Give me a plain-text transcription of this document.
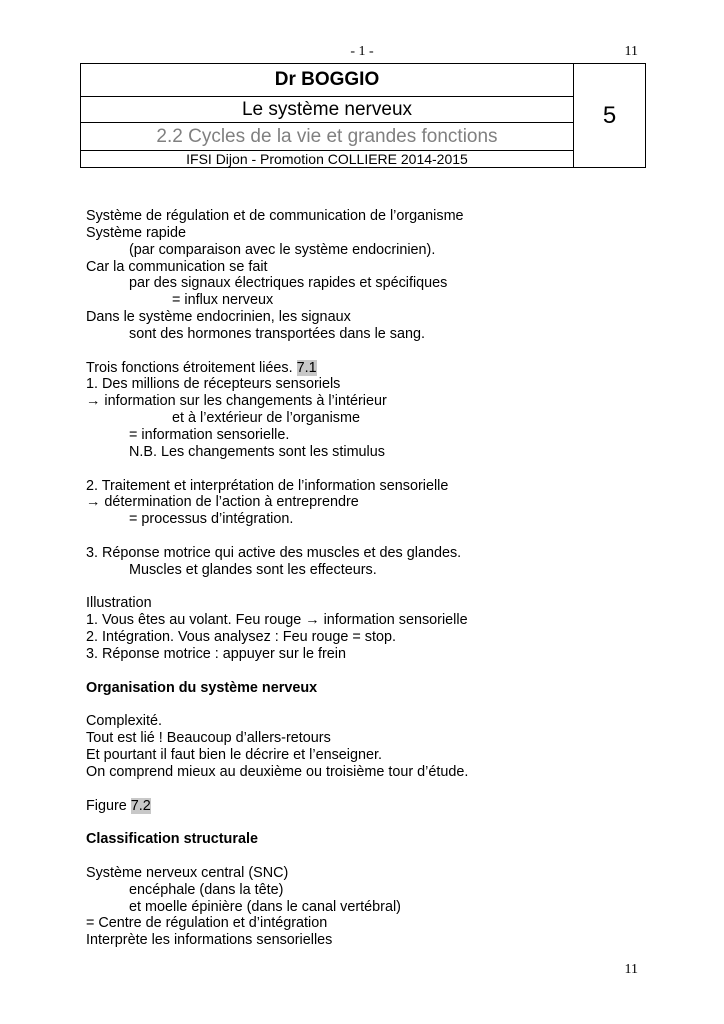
- 1 -	11
Dr BOGGIO	5
Le système nerveux
2.2 Cycles de la vie et grandes fonctions
IFSI Dijon - Promotion COLLIERE 2014-2015
Système de régulation et de communication de l’organisme
Système rapide
(par comparaison avec le système endocrinien).
Car la communication se fait
par des signaux électriques rapides et spécifiques
= influx nerveux
Dans le système endocrinien, les signaux
sont des hormones transportées dans le sang.
Trois fonctions étroitement liées. 7.1
1. Des millions de récepteurs sensoriels
→ information sur les changements à l’intérieur
et à l’extérieur de l’organisme
= information sensorielle.
N.B. Les changements sont les stimulus
2. Traitement et interprétation de l’information sensorielle
→ détermination de l’action à entreprendre
= processus d’intégration.
3. Réponse motrice qui active des muscles et des glandes.
Muscles et glandes sont les effecteurs.
Illustration
1. Vous êtes au volant. Feu rouge → information sensorielle
2. Intégration. Vous analysez : Feu rouge = stop.
3. Réponse motrice : appuyer sur le frein
Organisation du système nerveux
Complexité.
Tout est lié ! Beaucoup d’allers-retours
Et pourtant il faut bien le décrire et l’enseigner.
On comprend mieux au deuxième ou troisième tour d’étude.
Figure 7.2
Classification structurale
Système nerveux central (SNC)
encéphale (dans la tête)
et moelle épinière (dans le canal vertébral)
= Centre de régulation et d’intégration
Interprète les informations sensorielles
11
